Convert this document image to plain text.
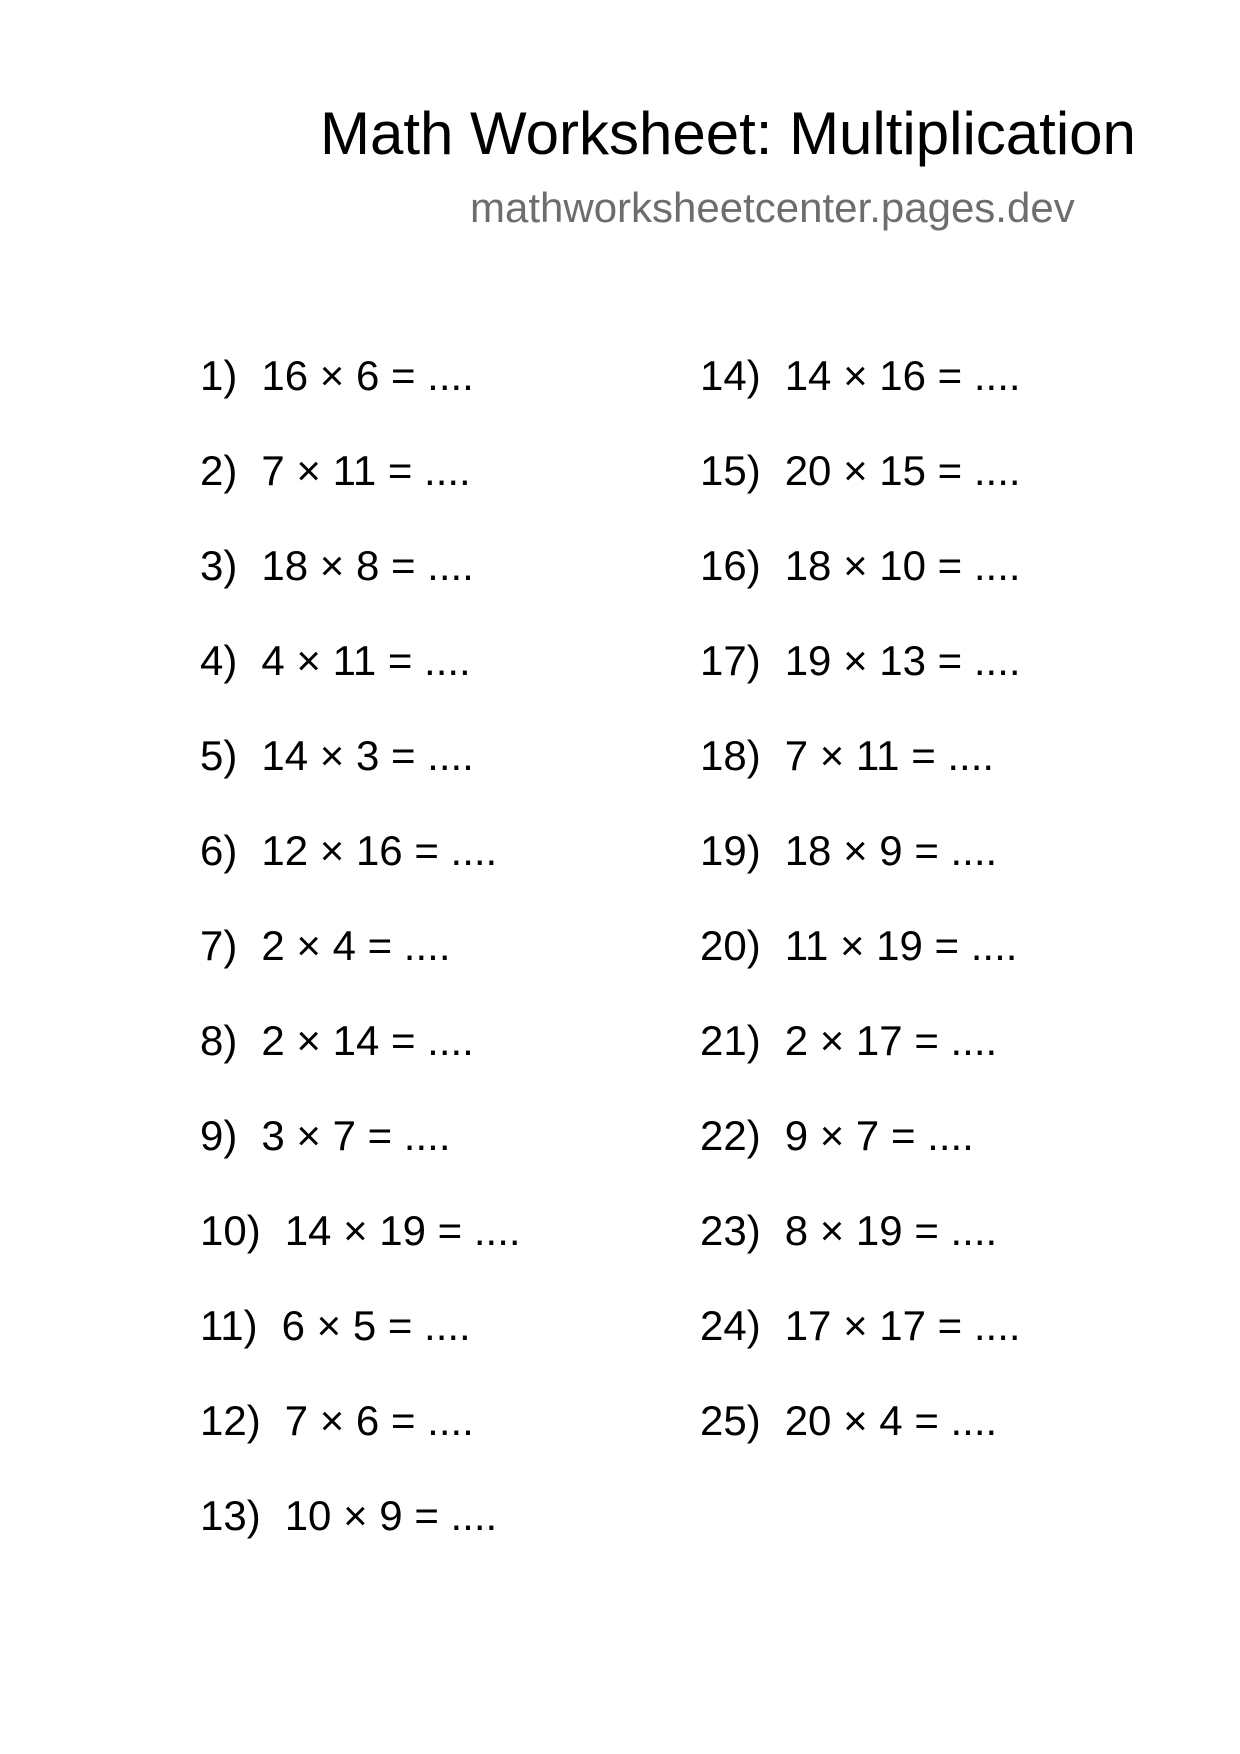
Math Worksheet: Multiplication
mathworksheetcenter.pages.dev
1) 16 × 6 = ....
2) 7 × 11 = ....
3) 18 × 8 = ....
4) 4 × 11 = ....
5) 14 × 3 = ....
6) 12 × 16 = ....
7) 2 × 4 = ....
8) 2 × 14 = ....
9) 3 × 7 = ....
10) 14 × 19 = ....
11) 6 × 5 = ....
12) 7 × 6 = ....
13) 10 × 9 = ....
14) 14 × 16 = ....
15) 20 × 15 = ....
16) 18 × 10 = ....
17) 19 × 13 = ....
18) 7 × 11 = ....
19) 18 × 9 = ....
20) 11 × 19 = ....
21) 2 × 17 = ....
22) 9 × 7 = ....
23) 8 × 19 = ....
24) 17 × 17 = ....
25) 20 × 4 = ....
